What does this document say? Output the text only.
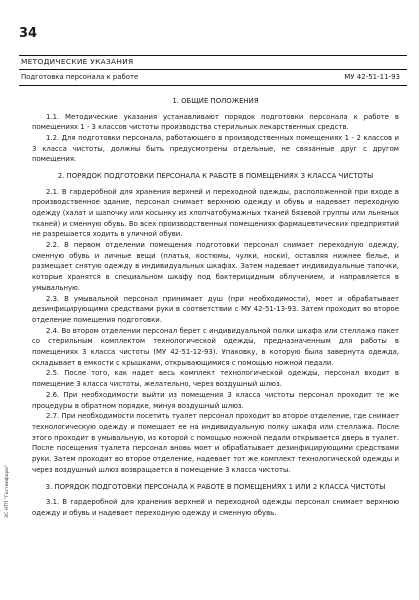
34
МЕТОДИЧЕСКИЕ УКАЗАНИЯ
Подготовка персонала к работе	МУ 42-51-11-93
1. ОБЩИЕ ПОЛОЖЕНИЯ

1.1. Методические указания устанавливают порядок подготовки персонала к работе в помещениях 1 - 3 классов чистоты производства стерильных лекарственных средств.

1.2. Для подготовки персонала, работающего в производственных помещениях 1 - 2 классов и 3 класса чистоты, должны быть предусмотрены отдельные, не связанные друг с другом помещения.

2. ПОРЯДОК ПОДГОТОВКИ ПЕРСОНАЛА К РАБОТЕ В ПОМЕЩЕНИЯХ 3 КЛАССА ЧИСТОТЫ

2.1. В гардеробной для хранения верхней и переходной одежды, расположенной при входе в производственное здание, персонал снимает верхнюю одежду и обувь и надевает переходную одежду (халат и шапочку или косынку из хлопчатобумажных тканей бязевой группы или льняных тканей) и сменную обувь. Во всех производственных помещениях фармацевтических предприятий не разрешается ходить в уличной обуви.

2.2. В первом отделении помещения подготовки персонал снимает переходную одежду, сменную обувь и личные вещи (платья, костюмы, чулки, носки), оставляя нижнее белье, и размещает снятую одежду в индивидуальных шкафах. Затем надевает индивидуальные тапочки, которые хранятся в специальном шкафу под бактерицидным облучением, и направляется в умывальную.

2.3. В умывальной персонал принимает душ (при необходимости), моет и обрабатывает дезинфицирующими средствами руки в соответствии с МУ 42-51-13-93. Затем проходит во второе отделение помещения подготовки.

2.4. Во втором отделении персонал берет с индивидуальной полки шкафа или стеллажа пакет со стерильным комплектом технологической одежды, предназначенным для работы в помещениях 3 класса чистоты (МУ 42-51-12-93). Упаковку, в которую была завернута одежда, складывает в емкости с крышками, открывающимися с помощью ножной педали.

2.5. После того, как надет весь комплект технологической одежды, персонал входит в помещение 3 класса чистоты, желательно, через воздушный шлюз.

2.6. При необходимости выйти из помещения 3 класса чистоты персонал проходит те же процедуры в обратном порядке, минуя воздушный шлюз.

2.7. При необходимости посетить туалет персонал проходит во второе отделение, где снимает технологическую одежду и помещает ее на индивидуальную полку шкафа или стеллажа. После этого проходит в умывальную, из которой с помощью ножной педали открывается дверь в туалет. После посещения туалета персонал вновь моет и обрабатывает дезинфицирующими средствами руки. Затем проходит во второе отделение, надевает тот же комплект технологической одежды и через воздушный шлюз возвращается в помещение 3 класса чистоты.

3. ПОРЯДОК ПОДГОТОВКИ ПЕРСОНАЛА К РАБОТЕ В ПОМЕЩЕНИЯХ 1 ИЛИ 2 КЛАССА ЧИСТОТЫ

3.1. В гардеробной для хранения верхней и переходной одежды персонал снимает верхнюю одежду и обувь и надевает переходную одежду и сменную обувь.

ЗС НТП "Гостинформ"
